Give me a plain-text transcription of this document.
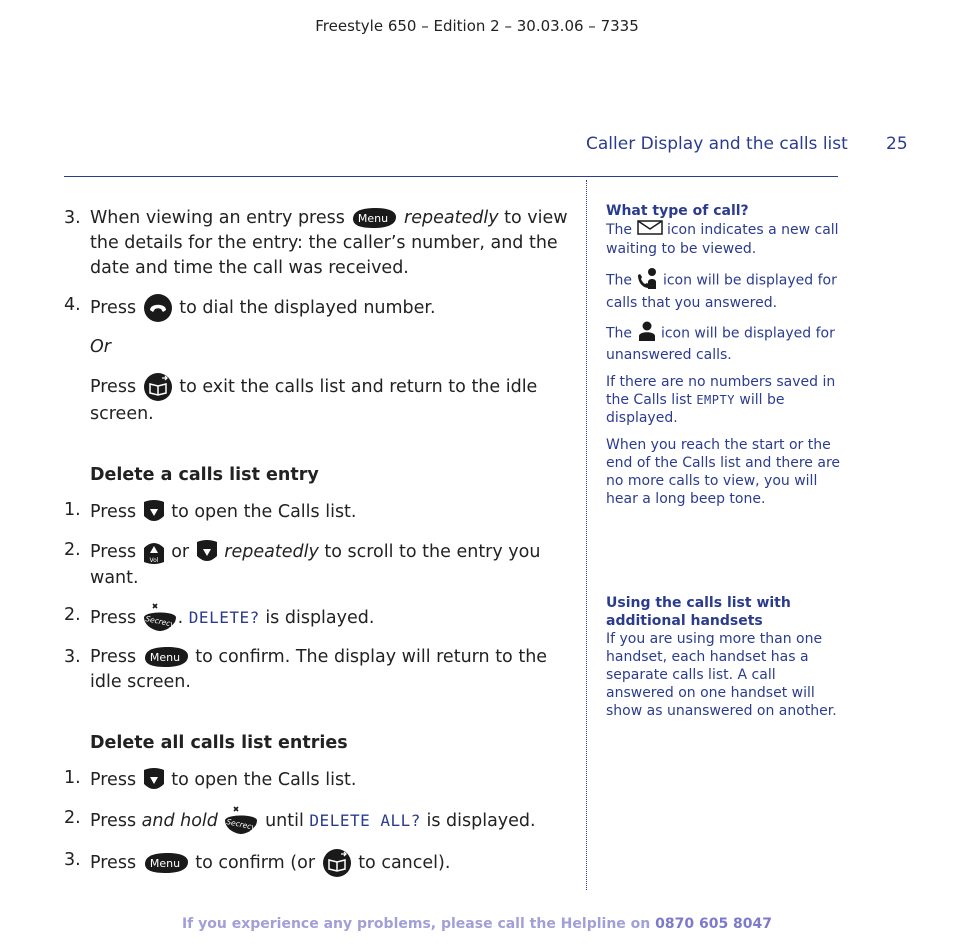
Freestyle 650 – Edition 2 – 30.03.06 – 7335
Caller Display and the calls list 25
3. When viewing an entry press Menu repeatedly to view the details for the entry: the caller’s number, and the date and time the call was received.
4. Press to dial the displayed number.
Or
Press to exit the calls list and return to the idle screen.
Delete a calls list entry
1. Press to open the Calls list.
2. Press Vol or repeatedly to scroll to the entry you want.
2. Press Secrecy . DELETE? is displayed.
3. Press Menu to confirm. The display will return to the idle screen.
Delete all calls list entries
1. Press to open the Calls list.
2. Press and hold Secrecy until DELETE ALL? is displayed.
3. Press Menu to confirm (or to cancel).
What type of call?

The icon indicates a new call waiting to be viewed.

The icon will be displayed for calls that you answered.

The icon will be displayed for unanswered calls.

If there are no numbers saved in the Calls list EMPTY will be displayed.

When you reach the start or the end of the Calls list and there are no more calls to view, you will hear a long beep tone.

Using the calls list with additional handsets

If you are using more than one handset, each handset has a separate calls list. A call answered on one handset will show as unanswered on another.

If you experience any problems, please call the Helpline on 0870 605 8047
